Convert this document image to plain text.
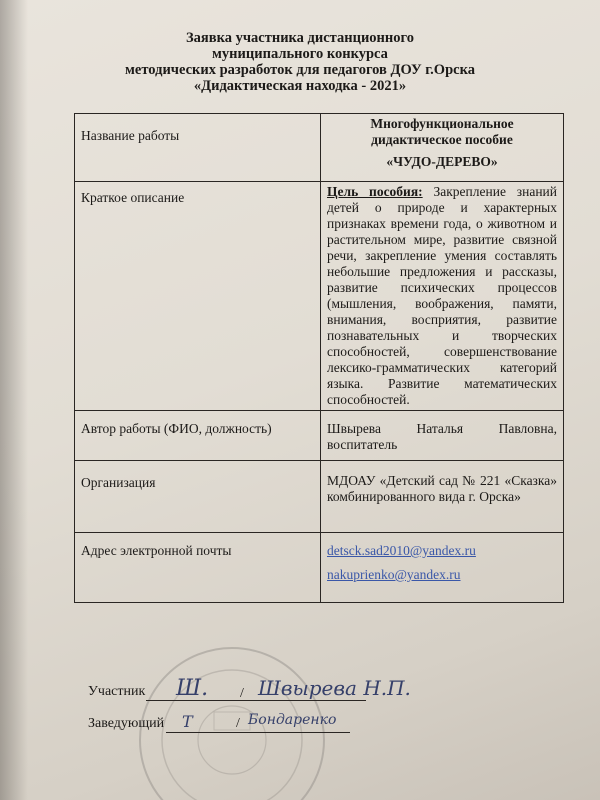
Заявка участника дистанционного
муниципального конкурса
методических разработок для педагогов ДОУ г.Орска
«Дидактическая находка - 2021»
Название работы	Многофункциональное
дидактическое пособие
«ЧУДО-ДЕРЕВО»

Краткое описание	Цель пособия: Закрепление знаний детей о природе и характерных признаках времени года, о животном и растительном мире, развитие связной речи, закрепление умения составлять небольшие предложения и рассказы, развитие психических процессов (мышления, воображения, памяти, внимания, восприятия, развитие познавательных и творческих способностей, совершенствование лексико-грамматических категорий языка. Развитие математических способностей.
Автор работы (ФИО, должность)	Швырева Наталья Павловна, воспитатель
Организация	МДОАУ «Детский сад № 221 «Сказка» комбинированного вида г. Орска»
Адрес электронной почты	detsck.sad2010@yandex.ru
nakuprienko@yandex.ru
Участник Ш. / Швырева Н.П.
Заведующий Т	/ Бондаренко
